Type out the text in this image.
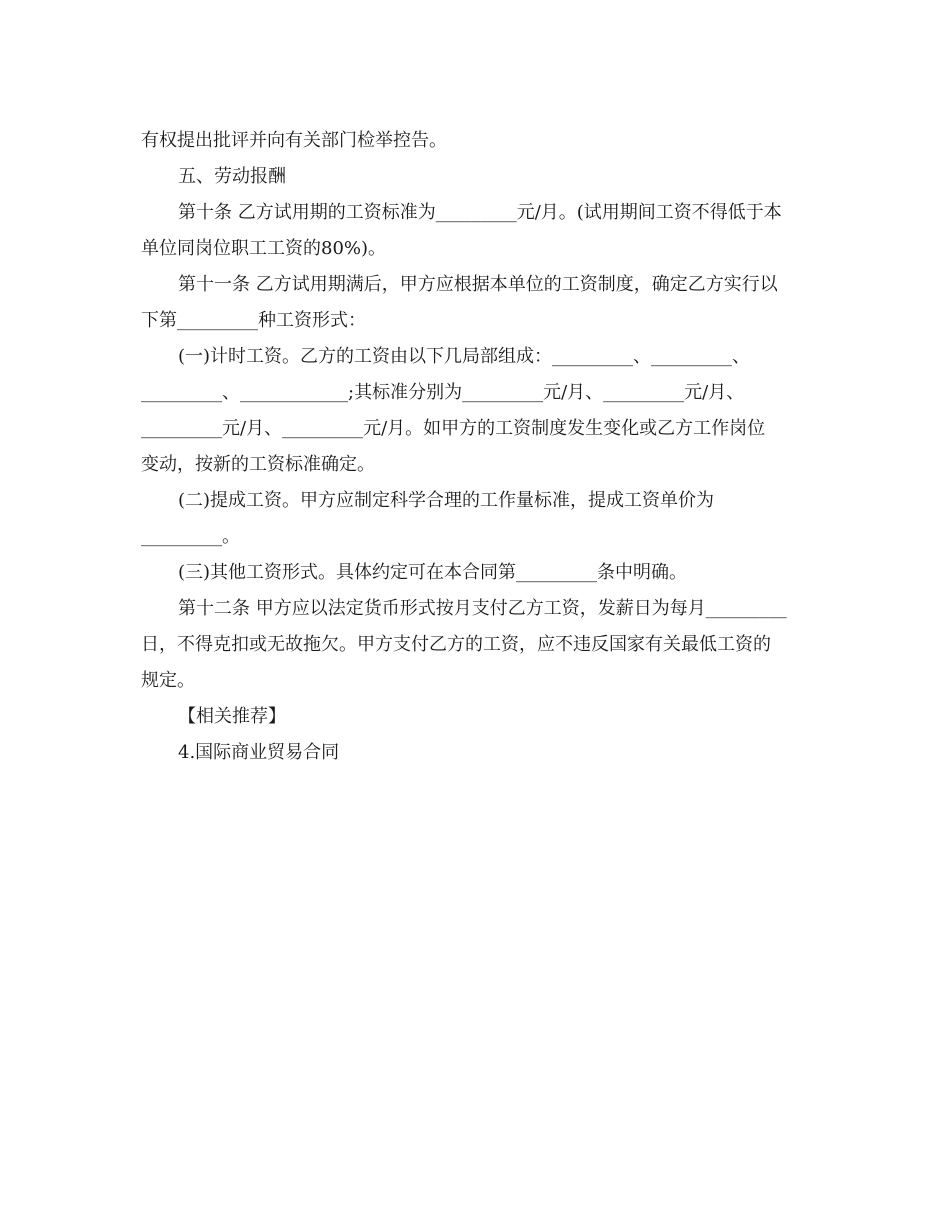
有权提出批评并向有关部门检举控告。
五、劳动报酬
第十条 乙方试用期的工资标准为_________元/月。(试用期间工资不得低于本
单位同岗位职工工资的80%)。
第十一条 乙方试用期满后，甲方应根据本单位的工资制度，确定乙方实行以
下第_________种工资形式：
(一)计时工资。乙方的工资由以下几局部组成：_________、_________、
_________、____________;其标准分别为_________元/月、_________元/月、
_________元/月、_________元/月。如甲方的工资制度发生变化或乙方工作岗位
变动，按新的工资标准确定。
(二)提成工资。甲方应制定科学合理的工作量标准，提成工资单价为
_________。
(三)其他工资形式。具体约定可在本合同第_________条中明确。
第十二条 甲方应以法定货币形式按月支付乙方工资，发薪日为每月_________
日，不得克扣或无故拖欠。甲方支付乙方的工资，应不违反国家有关最低工资的
规定。
【相关推荐】
4.国际商业贸易合同
